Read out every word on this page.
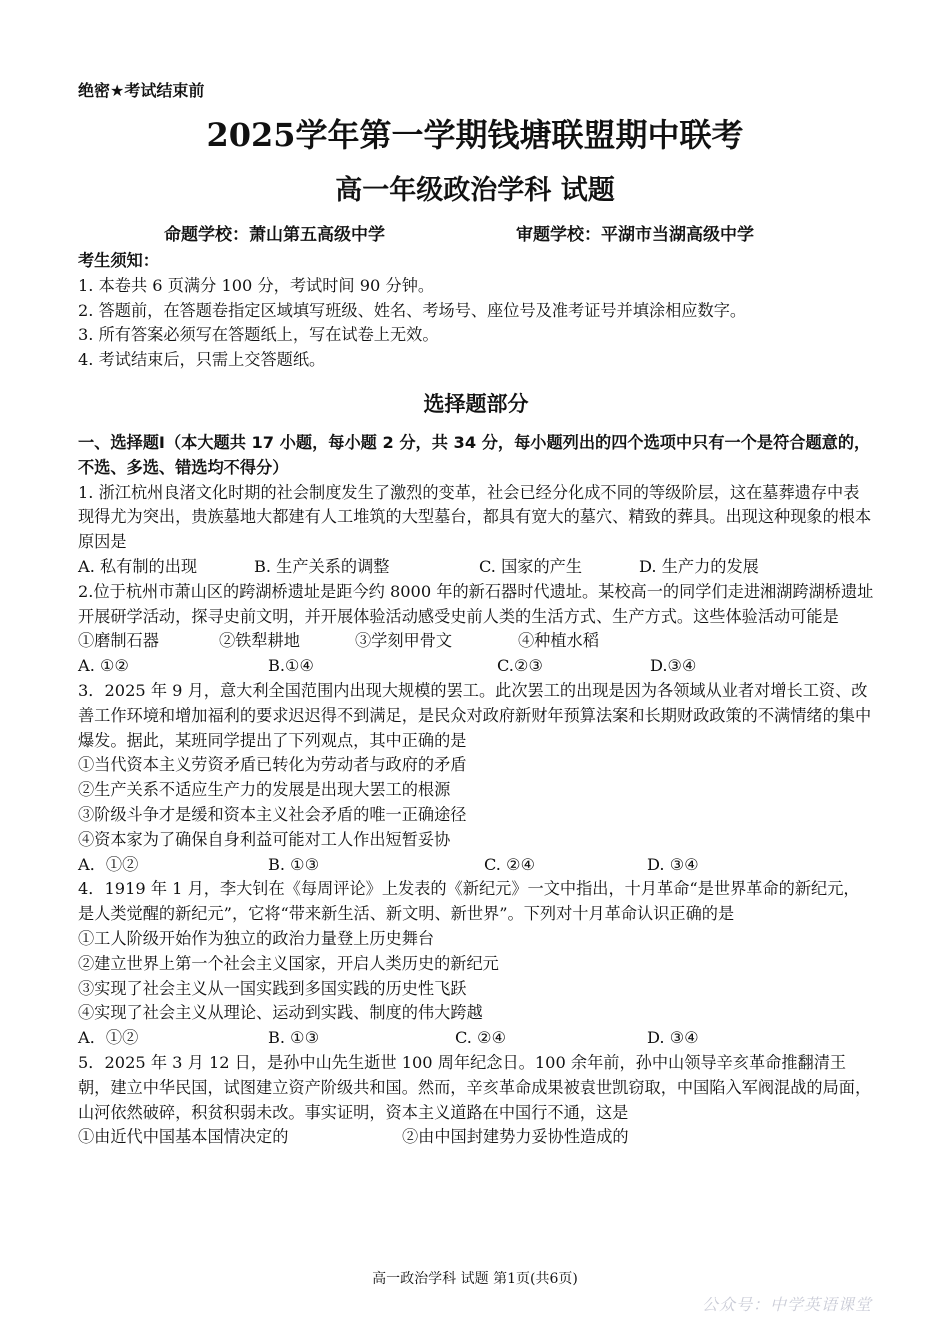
绝密★考试结束前
2025学年第一学期钱塘联盟期中联考
高一年级政治学科 试题
命题学校：萧山第五高级中学	审题学校：平湖市当湖高级中学

考生须知：

1. 本卷共 6 页满分 100 分，考试时间 90 分钟。

2. 答题前，在答题卷指定区域填写班级、姓名、考场号、座位号及准考证号并填涂相应数字。

3. 所有答案必须写在答题纸上，写在试卷上无效。

4. 考试结束后，只需上交答题纸。

选择题部分

一、选择题Ⅰ（本大题共 17 小题，每小题 2 分，共 34 分，每小题列出的四个选项中只有一个是符合题意的，不选、多选、错选均不得分）

1. 浙江杭州良渚文化时期的社会制度发生了激烈的变革，社会已经分化成不同的等级阶层，这在墓葬遗存中表现得尤为突出，贵族墓地大都建有人工堆筑的大型墓台，都具有宽大的墓穴、精致的葬具。出现这种现象的根本原因是

A. 私有制的出现	B. 生产关系的调整	C. 国家的产生	D. 生产力的发展

2.位于杭州市萧山区的跨湖桥遗址是距今约 8000 年的新石器时代遗址。某校高一的同学们走进湘湖跨湖桥遗址开展研学活动，探寻史前文明，并开展体验活动感受史前人类的生活方式、生产方式。这些体验活动可能是

①磨制石器	②铁犁耕地	③学刻甲骨文	④种植水稻
A. ①②	B.①④	C.②③	D.③④

3．2025 年 9 月，意大利全国范围内出现大规模的罢工。此次罢工的出现是因为各领域从业者对增长工资、改善工作环境和增加福利的要求迟迟得不到满足，是民众对政府新财年预算法案和长期财政政策的不满情绪的集中爆发。据此，某班同学提出了下列观点，其中正确的是

①当代资本主义劳资矛盾已转化为劳动者与政府的矛盾

②生产关系不适应生产力的发展是出现大罢工的根源

③阶级斗争才是缓和资本主义社会矛盾的唯一正确途径

④资本家为了确保自身利益可能对工人作出短暂妥协

A．①②	B. ①③	C. ②④	D. ③④

4．1919 年 1 月，李大钊在《每周评论》上发表的《新纪元》一文中指出，十月革命“是世界革命的新纪元，是人类觉醒的新纪元”，它将“带来新生活、新文明、新世界”。下列对十月革命认识正确的是

①工人阶级开始作为独立的政治力量登上历史舞台

②建立世界上第一个社会主义国家，开启人类历史的新纪元

③实现了社会主义从一国实践到多国实践的历史性飞跃

④实现了社会主义从理论、运动到实践、制度的伟大跨越

A．①②	B. ①③	C. ②④	D. ③④

5．2025 年 3 月 12 日，是孙中山先生逝世 100 周年纪念日。100 余年前，孙中山领导辛亥革命推翻清王朝，建立中华民国，试图建立资产阶级共和国。然而，辛亥革命成果被袁世凯窃取，中国陷入军阀混战的局面，山河依然破碎，积贫积弱未改。事实证明，资本主义道路在中国行不通，这是

①由近代中国基本国情决定的	②由中国封建势力妥协性造成的
高一政治学科 试题 第1页(共6页)
公众号：中学英语课堂
